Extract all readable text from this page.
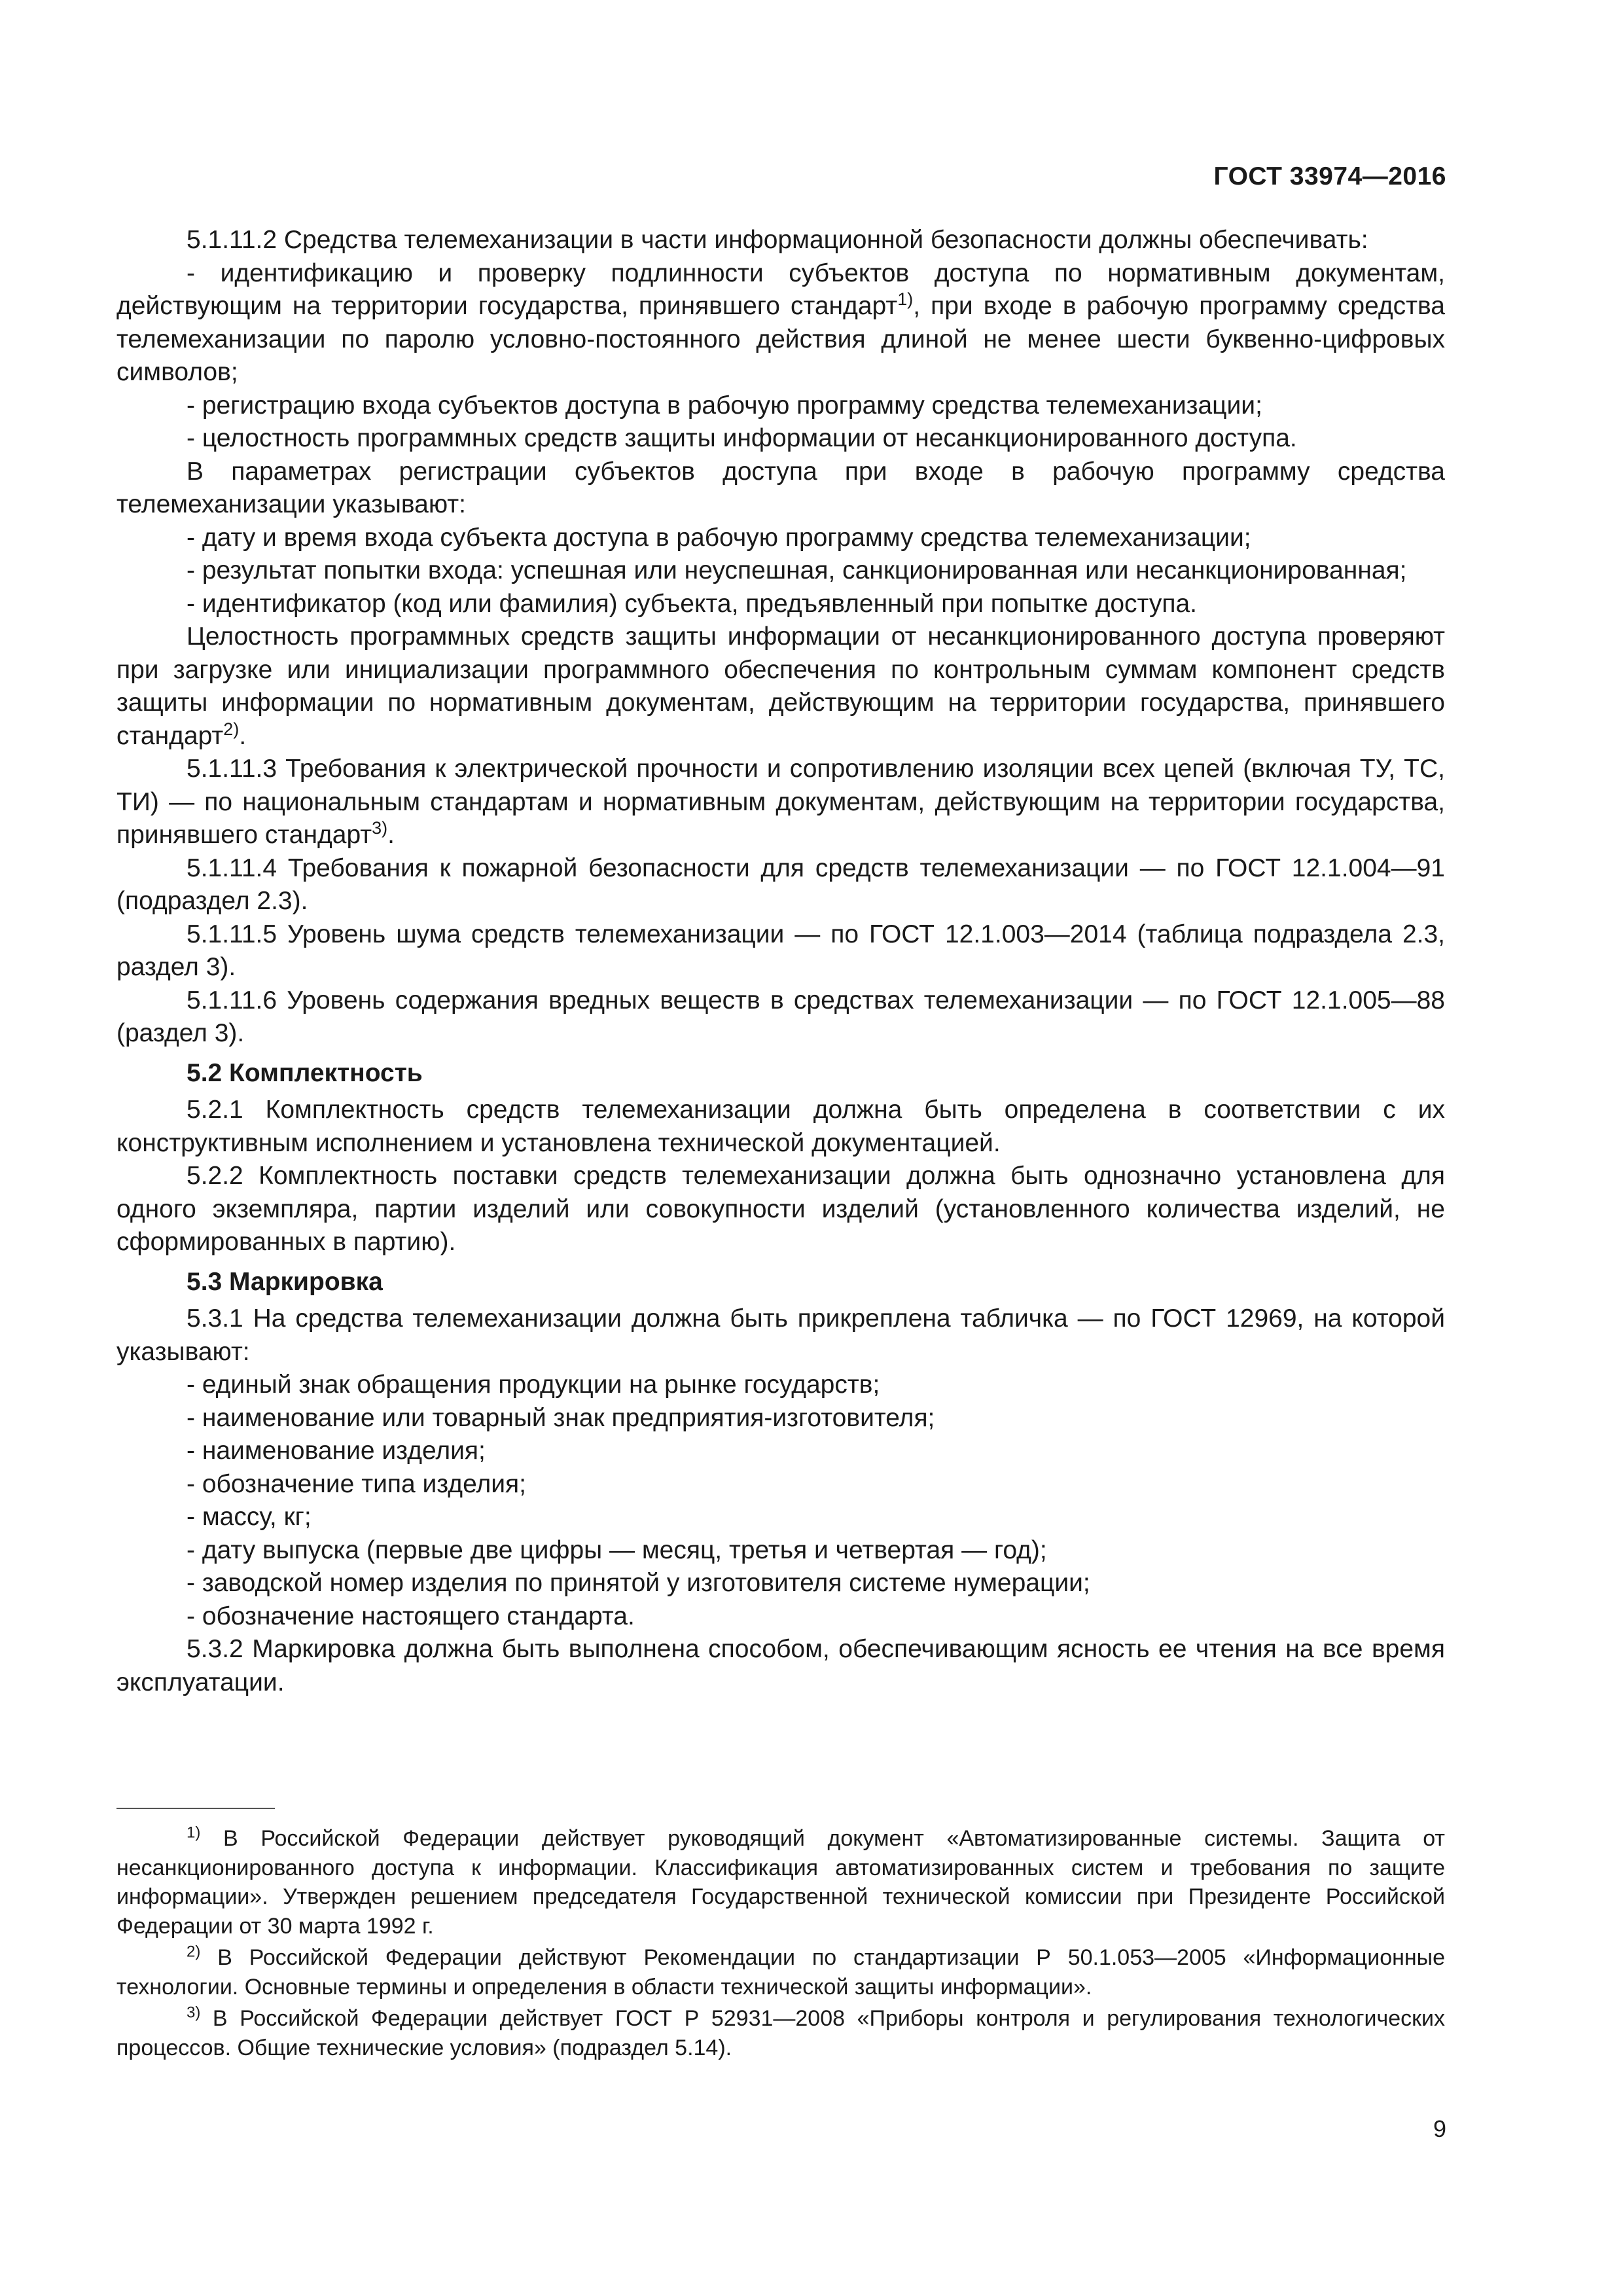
ГОСТ 33974—2016

5.1.11.2 Средства телемеханизации в части информационной безопасности должны обеспечивать:

- идентификацию и проверку подлинности субъектов доступа по нормативным документам, действующим на территории государства, принявшего стандарт$^{1)}$, при входе в рабочую программу средства телемеханизации по паролю условно-постоянного действия длиной не менее шести буквенно-цифровых символов;

- регистрацию входа субъектов доступа в рабочую программу средства телемеханизации;

- целостность программных средств защиты информации от несанкционированного доступа.

В параметрах регистрации субъектов доступа при входе в рабочую программу средства телемеханизации указывают:

- дату и время входа субъекта доступа в рабочую программу средства телемеханизации;

- результат попытки входа: успешная или неуспешная, санкционированная или несанкционированная;

- идентификатор (код или фамилия) субъекта, предъявленный при попытке доступа.

Целостность программных средств защиты информации от несанкционированного доступа проверяют при загрузке или инициализации программного обеспечения по контрольным суммам компонент средств защиты информации по нормативным документам, действующим на территории государства, принявшего стандарт$^{2)}$.

5.1.11.3 Требования к электрической прочности и сопротивлению изоляции всех цепей (включая ТУ, ТС, ТИ) — по национальным стандартам и нормативным документам, действующим на территории государства, принявшего стандарт$^{3)}$.

5.1.11.4 Требования к пожарной безопасности для средств телемеханизации — по ГОСТ 12.1.004—91 (подраздел 2.3).

5.1.11.5 Уровень шума средств телемеханизации — по ГОСТ 12.1.003—2014 (таблица подраздела 2.3, раздел 3).

5.1.11.6 Уровень содержания вредных веществ в средствах телемеханизации — по ГОСТ 12.1.005—88 (раздел 3).

5.2 Комплектность

5.2.1 Комплектность средств телемеханизации должна быть определена в соответствии с их конструктивным исполнением и установлена технической документацией.

5.2.2 Комплектность поставки средств телемеханизации должна быть однозначно установлена для одного экземпляра, партии изделий или совокупности изделий (установленного количества изделий, не сформированных в партию).

5.3 Маркировка

5.3.1 На средства телемеханизации должна быть прикреплена табличка — по ГОСТ 12969, на которой указывают:

- единый знак обращения продукции на рынке государств;

- наименование или товарный знак предприятия-изготовителя;

- наименование изделия;

- обозначение типа изделия;

- массу, кг;

- дату выпуска (первые две цифры — месяц, третья и четвертая — год);

- заводской номер изделия по принятой у изготовителя системе нумерации;

- обозначение настоящего стандарта.

5.3.2 Маркировка должна быть выполнена способом, обеспечивающим ясность ее чтения на все время эксплуатации.

$^{1)}$ В Российской Федерации действует руководящий документ «Автоматизированные системы. Защита от несанкционированного доступа к информации. Классификация автоматизированных систем и требования по защите информации». Утвержден решением председателя Государственной технической комиссии при Президенте Российской Федерации от 30 марта 1992 г.

$^{2)}$ В Российской Федерации действуют Рекомендации по стандартизации Р 50.1.053—2005 «Информационные технологии. Основные термины и определения в области технической защиты информации».

$^{3)}$ В Российской Федерации действует ГОСТ Р 52931—2008 «Приборы контроля и регулирования технологических процессов. Общие технические условия» (подраздел 5.14).

9
